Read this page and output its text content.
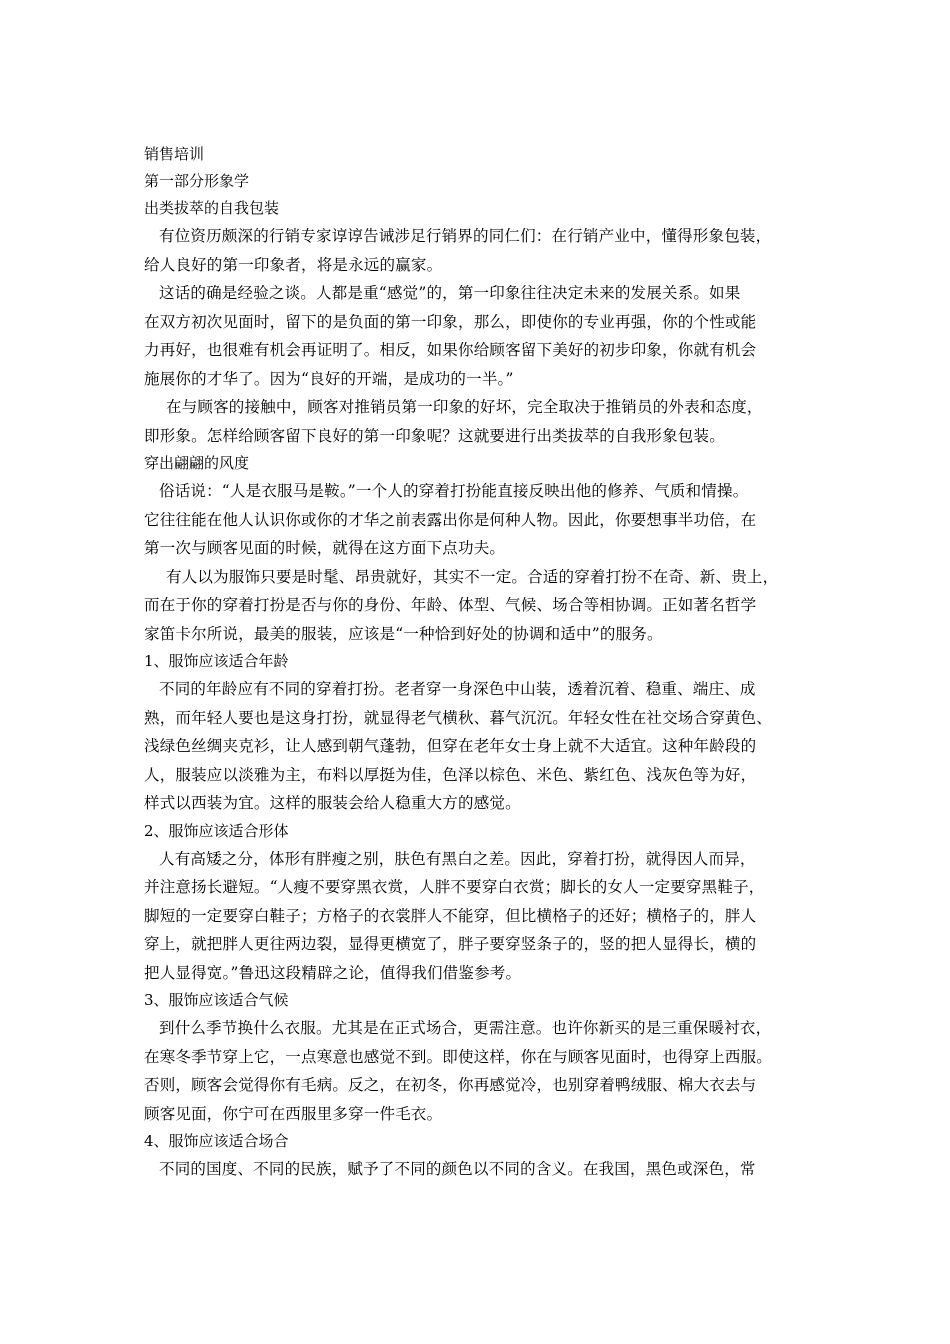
销售培训
第一部分形象学
出类拔萃的自我包装
有位资历颇深的行销专家谆谆告诫涉足行销界的同仁们：在行销产业中，懂得形象包装，
给人良好的第一印象者，将是永远的赢家。
这话的确是经验之谈。人都是重“感觉”的，第一印象往往决定未来的发展关系。如果
在双方初次见面时，留下的是负面的第一印象，那么，即使你的专业再强，你的个性或能
力再好，也很难有机会再证明了。相反，如果你给顾客留下美好的初步印象，你就有机会
施展你的才华了。因为“良好的开端，是成功的一半。”
在与顾客的接触中，顾客对推销员第一印象的好坏，完全取决于推销员的外表和态度，
即形象。怎样给顾客留下良好的第一印象呢？这就要进行出类拔萃的自我形象包装。
穿出翩翩的风度
俗话说：“人是衣服马是鞍。”一个人的穿着打扮能直接反映出他的修养、气质和情操。
它往往能在他人认识你或你的才华之前表露出你是何种人物。因此，你要想事半功倍，在
第一次与顾客见面的时候，就得在这方面下点功夫。
有人以为服饰只要是时髦、昂贵就好，其实不一定。合适的穿着打扮不在奇、新、贵上，
而在于你的穿着打扮是否与你的身份、年龄、体型、气候、场合等相协调。正如著名哲学
家笛卡尔所说，最美的服装，应该是“一种恰到好处的协调和适中”的服务。
1、服饰应该适合年龄
不同的年龄应有不同的穿着打扮。老者穿一身深色中山装，透着沉着、稳重、端庄、成
熟，而年轻人要也是这身打扮，就显得老气横秋、暮气沉沉。年轻女性在社交场合穿黄色、
浅绿色丝绸夹克衫，让人感到朝气蓬勃，但穿在老年女士身上就不大适宜。这种年龄段的
人，服装应以淡雅为主，布料以厚挺为佳，色泽以棕色、米色、紫红色、浅灰色等为好，
样式以西装为宜。这样的服装会给人稳重大方的感觉。
2、服饰应该适合形体
人有高矮之分，体形有胖瘦之别，肤色有黑白之差。因此，穿着打扮，就得因人而异，
并注意扬长避短。“人瘦不要穿黑衣赏，人胖不要穿白衣赏；脚长的女人一定要穿黑鞋子，
脚短的一定要穿白鞋子；方格子的衣裳胖人不能穿，但比横格子的还好；横格子的，胖人
穿上，就把胖人更往两边裂，显得更横宽了，胖子要穿竖条子的，竖的把人显得长，横的
把人显得宽。”鲁迅这段精辟之论，值得我们借鉴参考。
3、服饰应该适合气候
到什么季节换什么衣服。尤其是在正式场合，更需注意。也许你新买的是三重保暖衬衣，
在寒冬季节穿上它，一点寒意也感觉不到。即使这样，你在与顾客见面时，也得穿上西服。
否则，顾客会觉得你有毛病。反之，在初冬，你再感觉冷，也别穿着鸭绒服、棉大衣去与
顾客见面，你宁可在西服里多穿一件毛衣。
4、服饰应该适合场合
不同的国度、不同的民族，赋予了不同的颜色以不同的含义。在我国，黑色或深色，常
